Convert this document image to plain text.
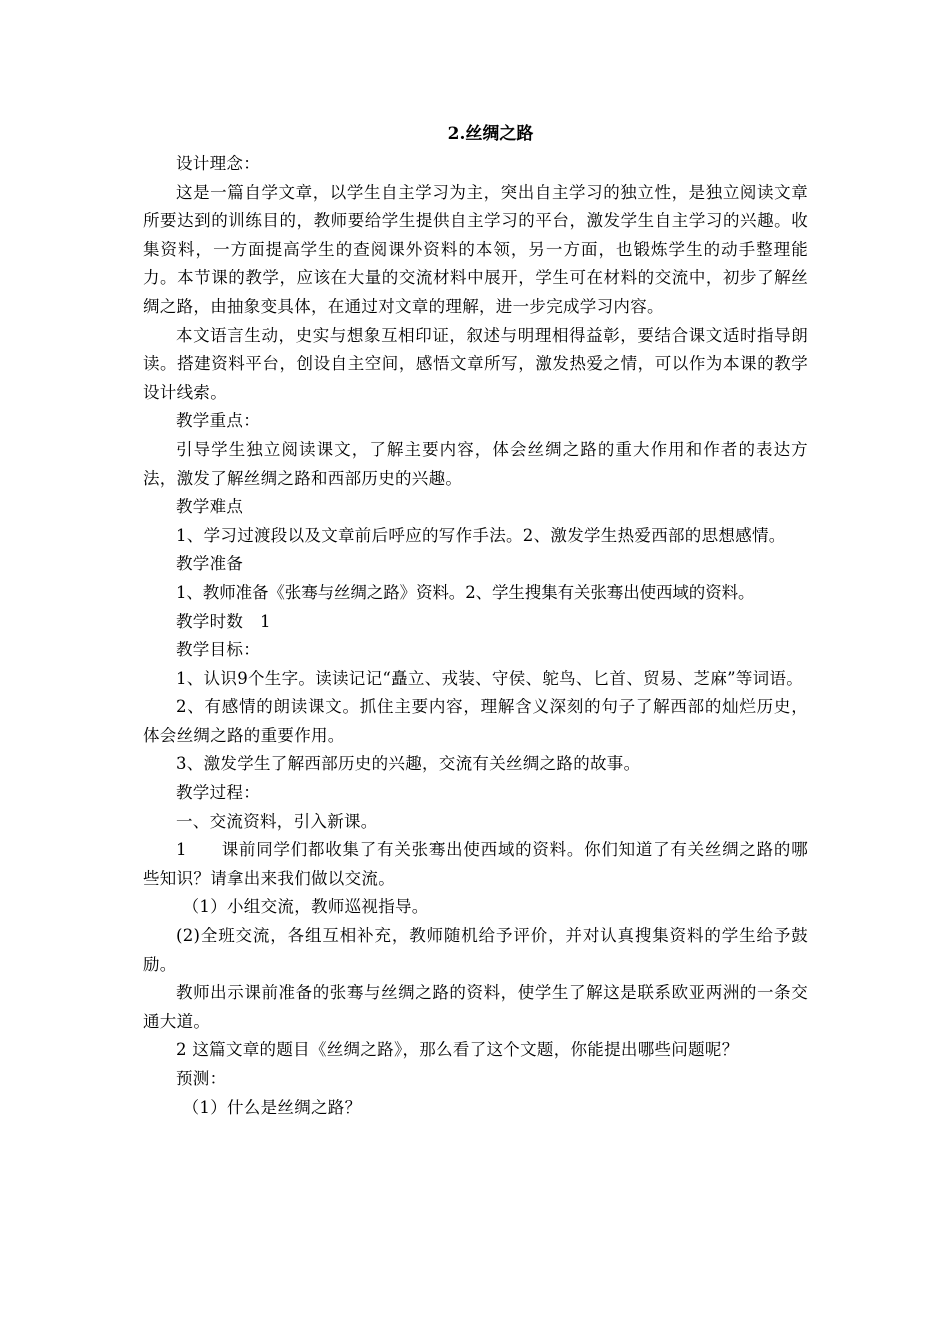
2.丝绸之路

设计理念：

这是一篇自学文章，以学生自主学习为主，突出自主学习的独立性，是独立阅读文章所要达到的训练目的，教师要给学生提供自主学习的平台，激发学生自主学习的兴趣。收集资料，一方面提高学生的查阅课外资料的本领，另一方面，也锻炼学生的动手整理能力。本节课的教学，应该在大量的交流材料中展开，学生可在材料的交流中，初步了解丝绸之路，由抽象变具体，在通过对文章的理解，进一步完成学习内容。

本文语言生动，史实与想象互相印证，叙述与明理相得益彰，要结合课文适时指导朗读。搭建资料平台，创设自主空间，感悟文章所写，激发热爱之情，可以作为本课的教学设计线索。

教学重点：

引导学生独立阅读课文，了解主要内容，体会丝绸之路的重大作用和作者的表达方法，激发了解丝绸之路和西部历史的兴趣。

教学难点

1、学习过渡段以及文章前后呼应的写作手法。2、激发学生热爱西部的思想感情。

教学准备

1、教师准备《张骞与丝绸之路》资料。2、学生搜集有关张骞出使西域的资料。

教学时数　1

教学目标：

1、认识9个生字。读读记记“矗立、戎装、守侯、鸵鸟、匕首、贸易、芝麻”等词语。

2、有感情的朗读课文。抓住主要内容，理解含义深刻的句子了解西部的灿烂历史，体会丝绸之路的重要作用。

3、激发学生了解西部历史的兴趣，交流有关丝绸之路的故事。

教学过程：

一、交流资料，引入新课。

1　　课前同学们都收集了有关张骞出使西域的资料。你们知道了有关丝绸之路的哪些知识？请拿出来我们做以交流。

（1）小组交流，教师巡视指导。

(2)全班交流，各组互相补充，教师随机给予评价，并对认真搜集资料的学生给予鼓励。

教师出示课前准备的张骞与丝绸之路的资料，使学生了解这是联系欧亚两洲的一条交通大道。

2 这篇文章的题目《丝绸之路》，那么看了这个文题，你能提出哪些问题呢？

预测：

（1）什么是丝绸之路？
